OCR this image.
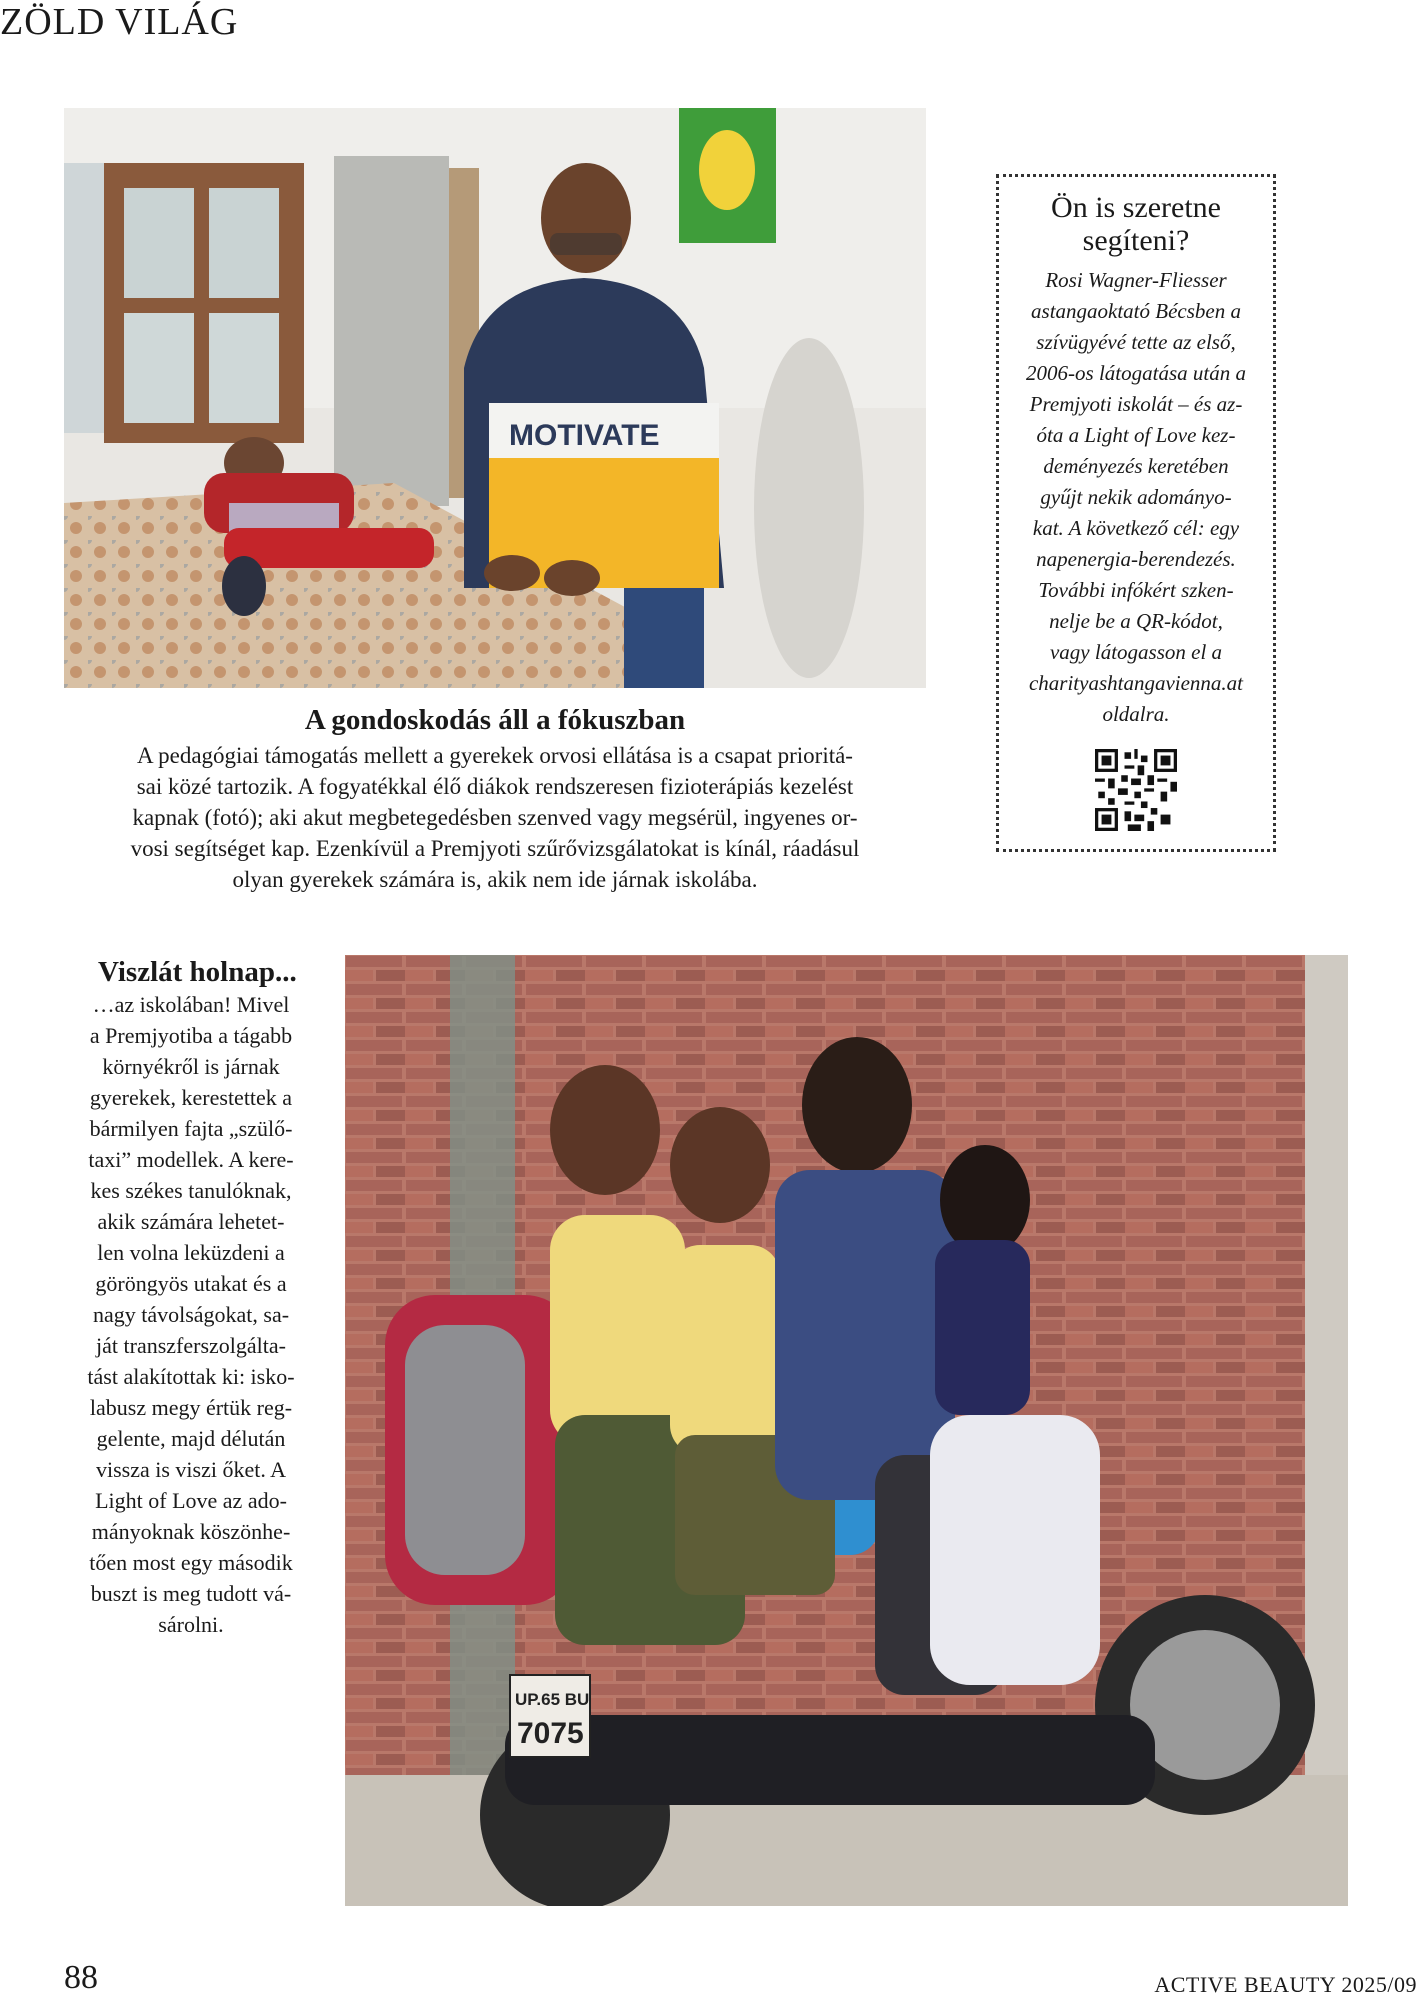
ZÖLD VILÁG
MOTIVATE
A gondoskodás áll a fókuszban
A pedagógiai támogatás mellett a gyerekek orvosi ellátása is a csapat prioritá-
sai közé tartozik. A fogyatékkal élő diákok rendszeresen fizioterápiás kezelést
kapnak (fotó); aki akut megbetegedésben szenved vagy megsérül, ingyenes or-
vosi segítséget kap. Ezenkívül a Premjyoti szűrővizsgálatokat is kínál, ráadásul
olyan gyerekek számára is, akik nem ide járnak iskolába.
Ön is szeretne
segíteni?
Rosi Wagner-Fliesser
astangaoktató Bécsben a
szívügyévé tette az első,
2006-os látogatása után a
Premjyoti iskolát – és az-
óta a Light of Love kez-
deményezés keretében
gyűjt nekik adományo-
kat. A következő cél: egy
napenergia-berendezés.
További infókért szken-
nelje be a QR-kódot,
vagy látogasson el a
charityashtangavienna.at
oldalra.
Viszlát holnap...
…az iskolában! Mivel
a Premjyotiba a tágabb
környékről is járnak
gyerekek, kerestettek a
bármilyen fajta „szülő-
taxi” modellek. A kere-
kes székes tanulóknak,
akik számára lehetet-
len volna leküzdeni a
göröngyös utakat és a
nagy távolságokat, sa-
ját transzferszolgálta-
tást alakítottak ki: isko-
labusz megy értük reg-
gelente, majd délután
vissza is viszi őket. A
Light of Love az ado-
mányoknak köszönhe-
tően most egy második
buszt is meg tudott vá-
sárolni.
UP.65 BU
7075
88	ACTIVE BEAUTY 2025/09
